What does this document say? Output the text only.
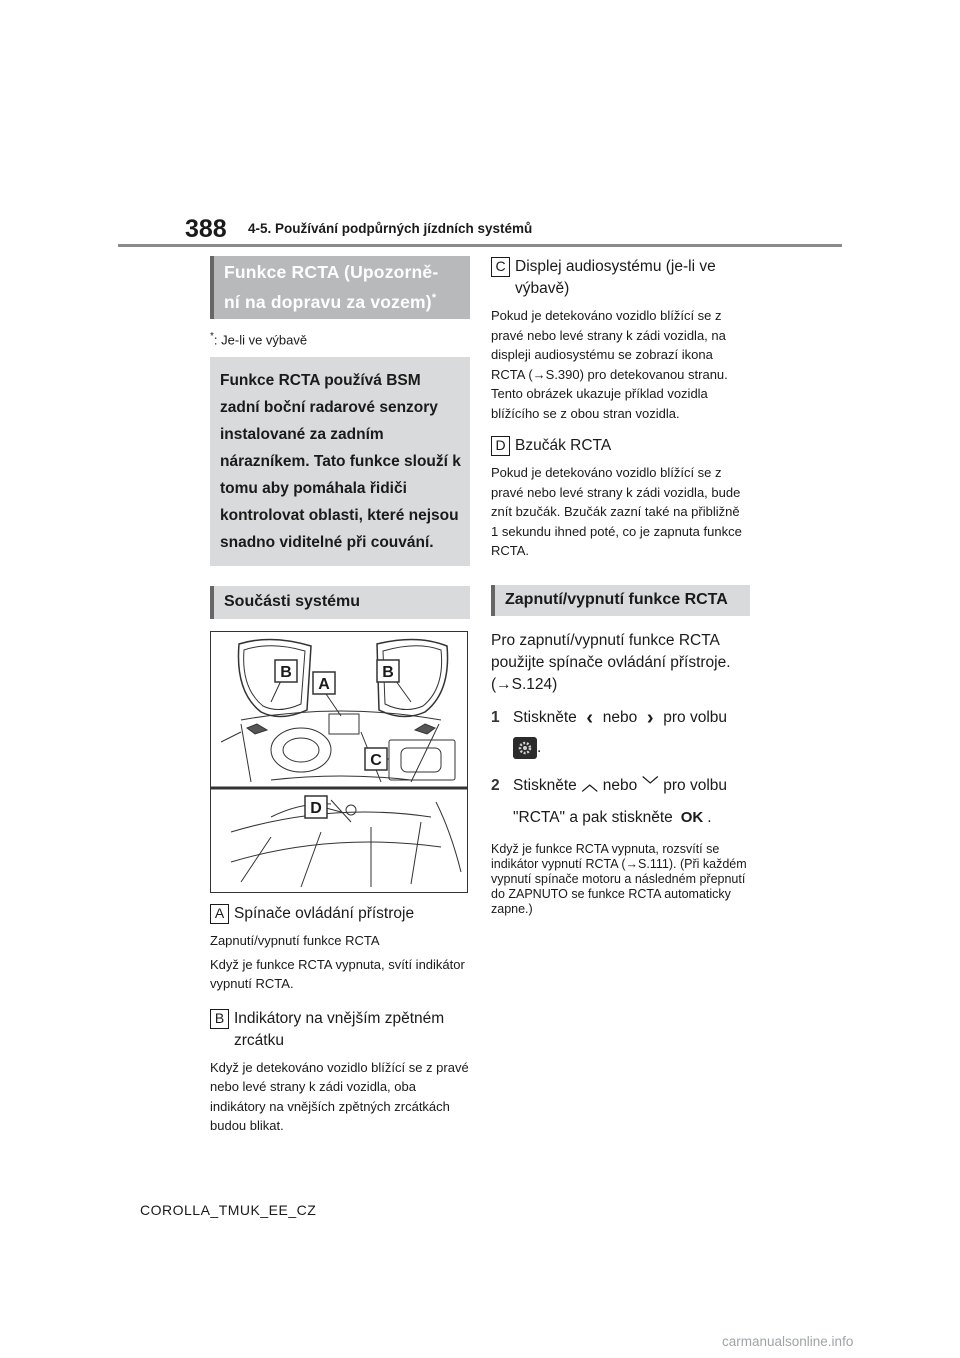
388 4-5. Používání podpůrných jízdních systémů
Funkce RCTA (Upozorně-
ní na dopravu za vozem)*
*: Je-li ve výbavě
Funkce RCTA používá BSM zadní boční radarové senzory instalované za zadním nárazníkem. Tato funkce slouží k tomu aby pomáhala řidiči kontrolovat oblasti, které nejsou snadno viditelné při couvání.
Součásti systému
B	B
A
C
D
A Spínače ovládání přístroje
Zapnutí/vypnutí funkce RCTA
Když je funkce RCTA vypnuta, svítí indikátor vypnutí RCTA.
B Indikátory na vnějším zpětném zrcátku
Když je detekováno vozidlo blížící se z pravé nebo levé strany k zádi vozidla, oba indikátory na vnějších zpětných zrcátkách budou blikat.
C Displej audiosystému (je-li ve výbavě)
Pokud je detekováno vozidlo blížící se z pravé nebo levé strany k zádi vozidla, na displeji audiosystému se zobrazí ikona RCTA (→S.390) pro detekovanou stranu. Tento obrázek ukazuje příklad vozidla blížícího se z obou stran vozidla.
D Bzučák RCTA
Pokud je detekováno vozidlo blížící se z pravé nebo levé strany k zádi vozidla, bude znít bzučák. Bzučák zazní také na přibližně 1 sekundu ihned poté, co je zapnuta funkce RCTA.
Zapnutí/vypnutí funkce RCTA
Pro zapnutí/vypnutí funkce RCTA použijte spínače ovládání přístroje. (→S.124)
1 Stiskněte ‹ nebo › pro volbu
.
2 Stiskněte ︿ nebo ﹀ pro volbu
"RCTA" a pak stiskněte OK .
Když je funkce RCTA vypnuta, rozsvítí se indikátor vypnutí RCTA (→S.111). (Při každém vypnutí spínače motoru a následném přepnutí do ZAPNUTO se funkce RCTA automaticky zapne.)
COROLLA_TMUK_EE_CZ
carmanualsonline.info
